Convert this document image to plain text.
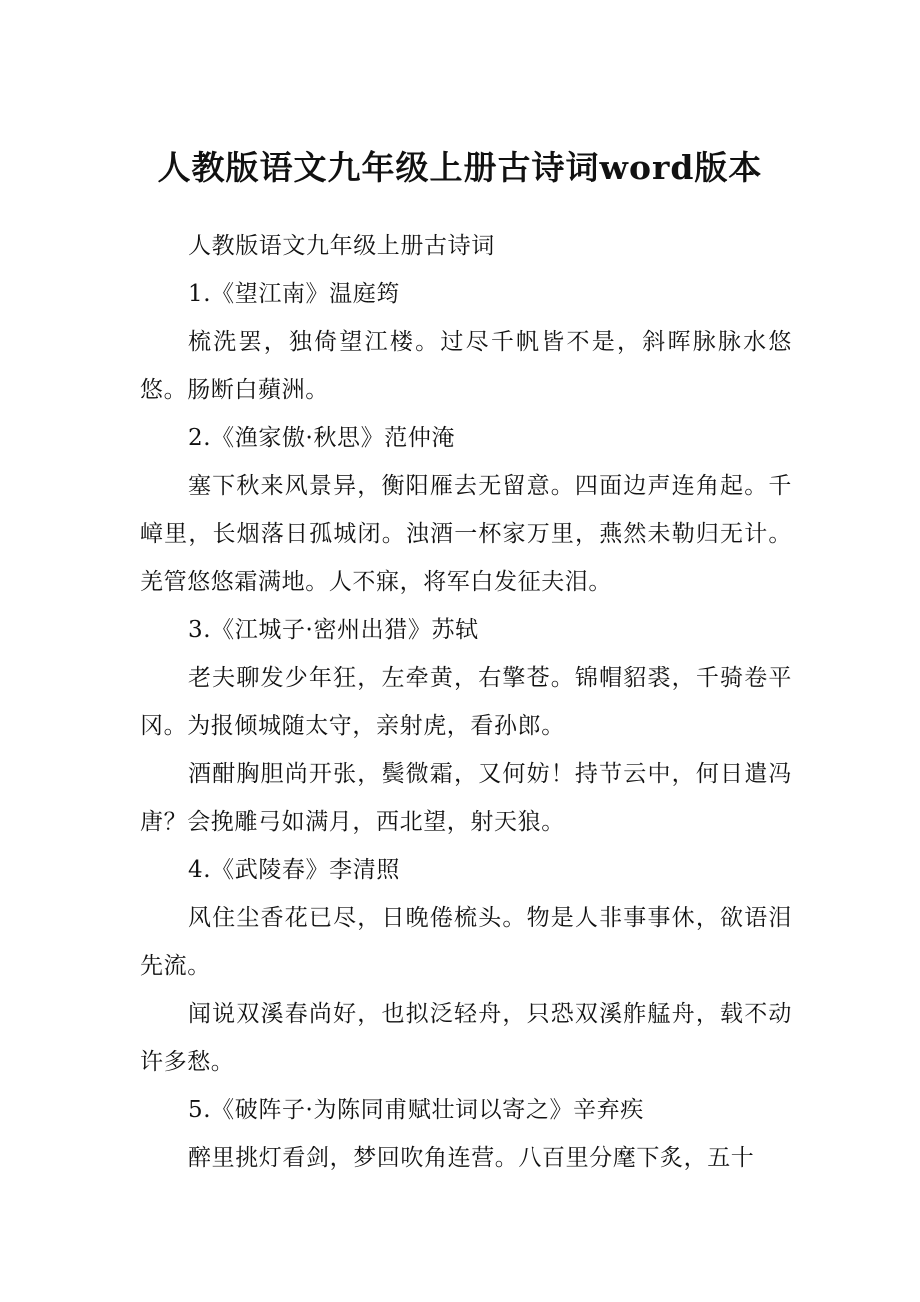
人教版语文九年级上册古诗词word版本

人教版语文九年级上册古诗词

1.《望江南》温庭筠

梳洗罢，独倚望江楼。过尽千帆皆不是，斜晖脉脉水悠悠。肠断白蘋洲。

2.《渔家傲·秋思》范仲淹

塞下秋来风景异，衡阳雁去无留意。四面边声连角起。千嶂里，长烟落日孤城闭。浊酒一杯家万里，燕然未勒归无计。羌管悠悠霜满地。人不寐，将军白发征夫泪。

3.《江城子·密州出猎》苏轼

老夫聊发少年狂，左牵黄，右擎苍。锦帽貂裘，千骑卷平冈。为报倾城随太守，亲射虎，看孙郎。

酒酣胸胆尚开张，鬓微霜，又何妨！持节云中，何日遣冯唐？会挽雕弓如满月，西北望，射天狼。

4.《武陵春》李清照

风住尘香花已尽，日晚倦梳头。物是人非事事休，欲语泪先流。

闻说双溪春尚好，也拟泛轻舟，只恐双溪舴艋舟，载不动许多愁。

5.《破阵子·为陈同甫赋壮词以寄之》辛弃疾

醉里挑灯看剑，梦回吹角连营。八百里分麾下炙，五十
